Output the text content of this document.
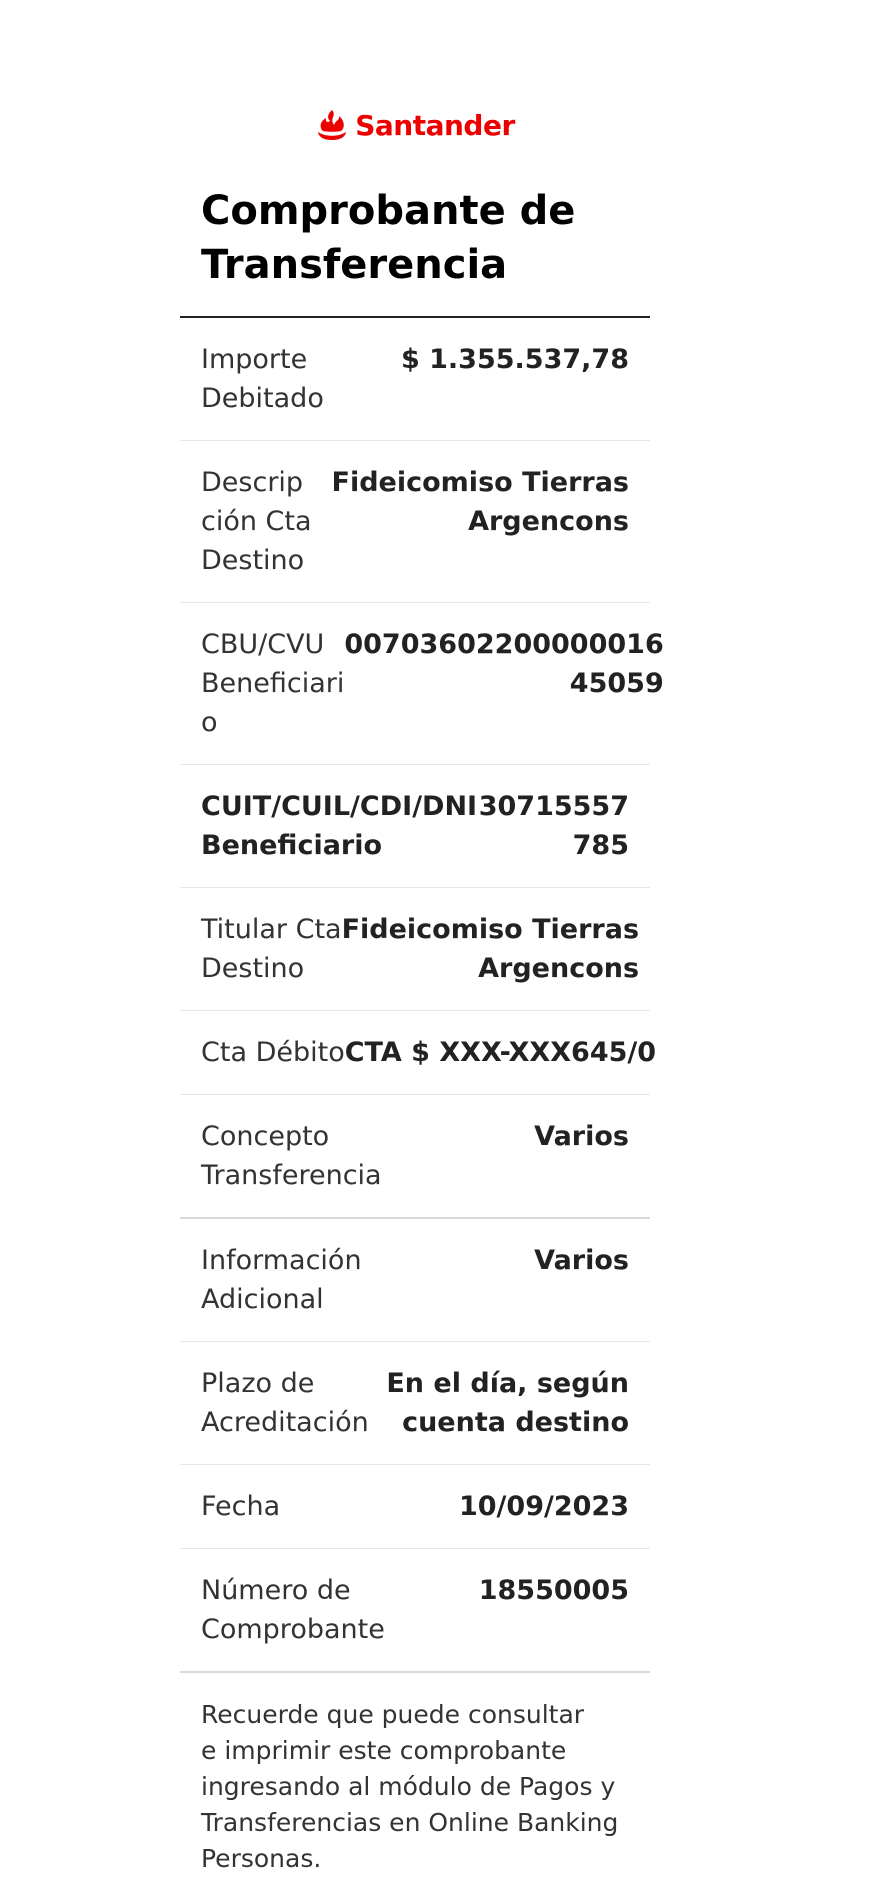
Santander
Comprobante de
Transferencia
Importe
Debitado
$ 1.355.537,78
Descrip
ción Cta
Destino
Fideicomiso Tierras
Argencons
CBU/CVU
Beneficiari
o
00703602200000016
45059
CUIT/CUIL/CDI/DNI
Beneficiario
30715557
785
Titular Cta
Destino
Fideicomiso Tierras
Argencons
Cta Débito CTA $ XXX-XXX645/0
Concepto
Transferencia
Varios
Información
Adicional
Varios
Plazo de
Acreditación
En el día, según
cuenta destino
Fecha	10/09/2023
Número de
Comprobante
18550005
Recuerde que puede consultar
e imprimir este comprobante
ingresando al módulo de Pagos y
Transferencias en Online Banking
Personas.
